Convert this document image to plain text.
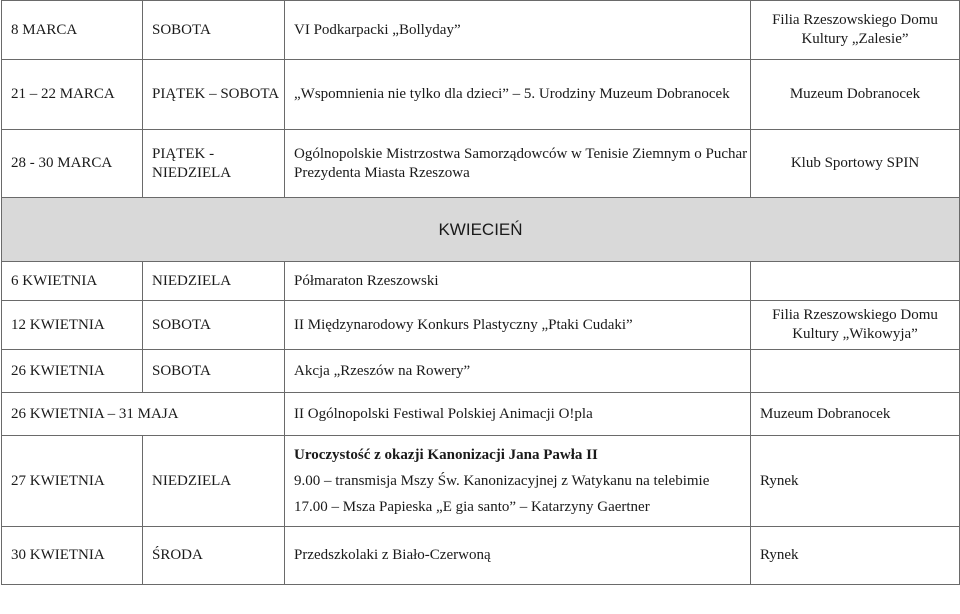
8 MARCA	SOBOTA	VI Podkarpacki „Bollyday”	Filia Rzeszowskiego Domu Kultury „Zalesie”
21 – 22 MARCA	PIĄTEK – SOBOTA	„Wspomnienia nie tylko dla dzieci” – 5. Urodziny Muzeum Dobranocek	Muzeum Dobranocek
28 - 30 MARCA	PIĄTEK - NIEDZIELA	Ogólnopolskie Mistrzostwa Samorządowców w Tenisie Ziemnym o Puchar Prezydenta Miasta Rzeszowa	Klub Sportowy SPIN
KWIECIEŃ			
6 KWIETNIA	NIEDZIELA	Półmaraton Rzeszowski	
12 KWIETNIA	SOBOTA	II Międzynarodowy Konkurs Plastyczny „Ptaki Cudaki”	Filia Rzeszowskiego Domu Kultury „Wikowyja”
26 KWIETNIA	SOBOTA	Akcja „Rzeszów na Rowery”	
26 KWIETNIA – 31 MAJA		II Ogólnopolski Festiwal Polskiej Animacji O!pla	Muzeum Dobranocek
27 KWIETNIA	NIEDZIELA	Uroczystość z okazji Kanonizacji Jana Pawła II
9.00 – transmisja Mszy Św. Kanonizacyjnej z Watykanu na telebimie
17.00 – Msza Papieska „E gia santo” – Katarzyny Gaertner	Rynek
30 KWIETNIA	ŚRODA	Przedszkolaki z Biało-Czerwoną	Rynek
